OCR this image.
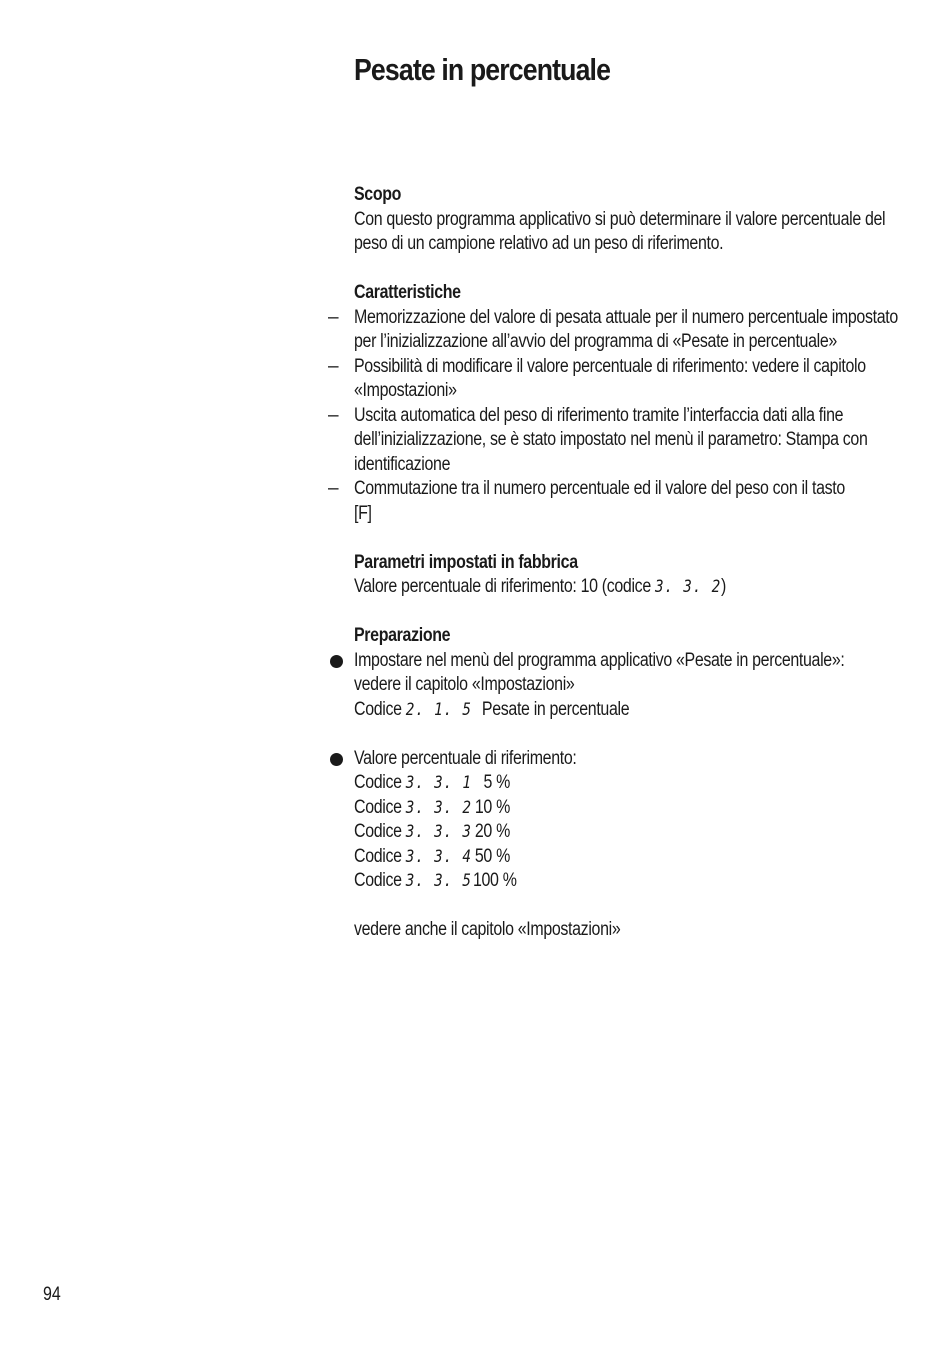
Pesate in percentuale
Scopo
Con questo programma applicativo si può determinare il valore percentuale del
peso di un campione relativo ad un peso di riferimento.
Caratteristiche
– Memorizzazione del valore di pesata attuale per il numero percentuale impostato
per l’inizializzazione all’avvio del programma di «Pesate in percentuale»
– Possibilità di modificare il valore percentuale di riferimento: vedere il capitolo
«Impostazioni»
– Uscita automatica del peso di riferimento tramite l’interfaccia dati alla fine
dell’inizializzazione, se è stato impostato nel menù il parametro: Stampa con
identificazione
– Commutazione tra il numero percentuale ed il valore del peso con il tasto
[F]
Parametri impostati in fabbrica
Valore percentuale di riferimento: 10 (codice 3. 3. 2)
Preparazione
Impostare nel menù del programma applicativo «Pesate in percentuale»:
vedere il capitolo «Impostazioni»
Codice 2. 1. 5 Pesate in percentuale
Valore percentuale di riferimento:
Codice 3. 3. 1 5 %
Codice 3. 3. 2 10 %
Codice 3. 3. 3 20 %
Codice 3. 3. 4 50 %
Codice 3. 3. 5100 %
vedere anche il capitolo «Impostazioni»
94
